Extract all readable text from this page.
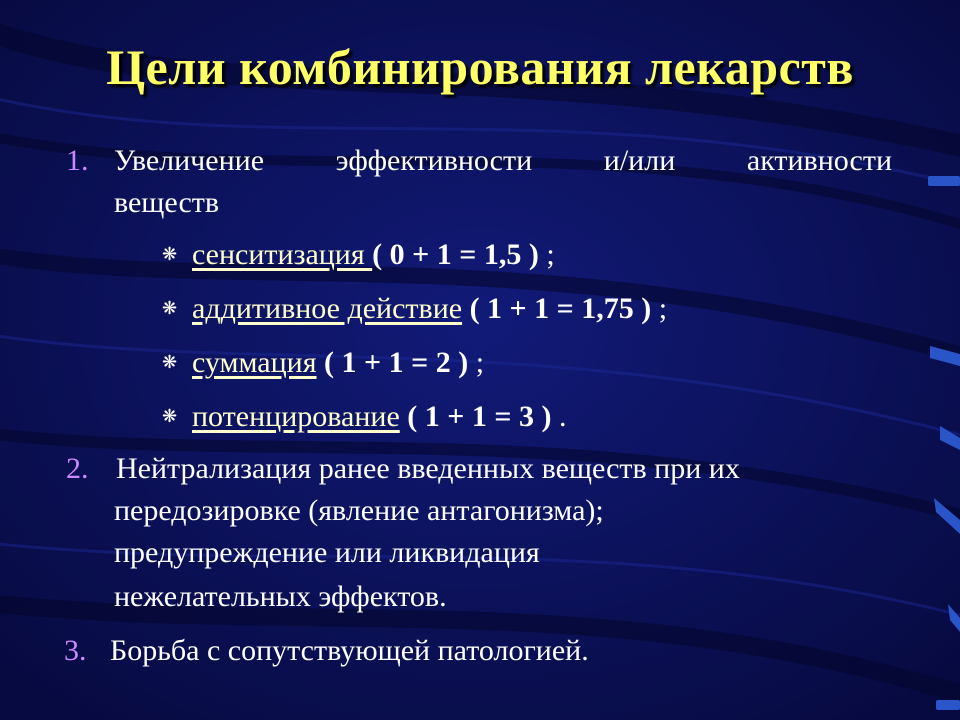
Цели комбинирования лекарств
1. Увеличение эффективности и/или активности
веществ
❋ сенситизация ( 0 + 1 = 1,5 ) ;
❋ аддитивное действие ( 1 + 1 = 1,75 ) ;
❋ суммация ( 1 + 1 = 2 ) ;
❋ потенцирование ( 1 + 1 = 3 ) .
2. Нейтрализация ранее введенных веществ при их
передозировке (явление антагонизма);
предупреждение или ликвидация
нежелательных эффектов.
3. Борьба с сопутствующей патологией.
